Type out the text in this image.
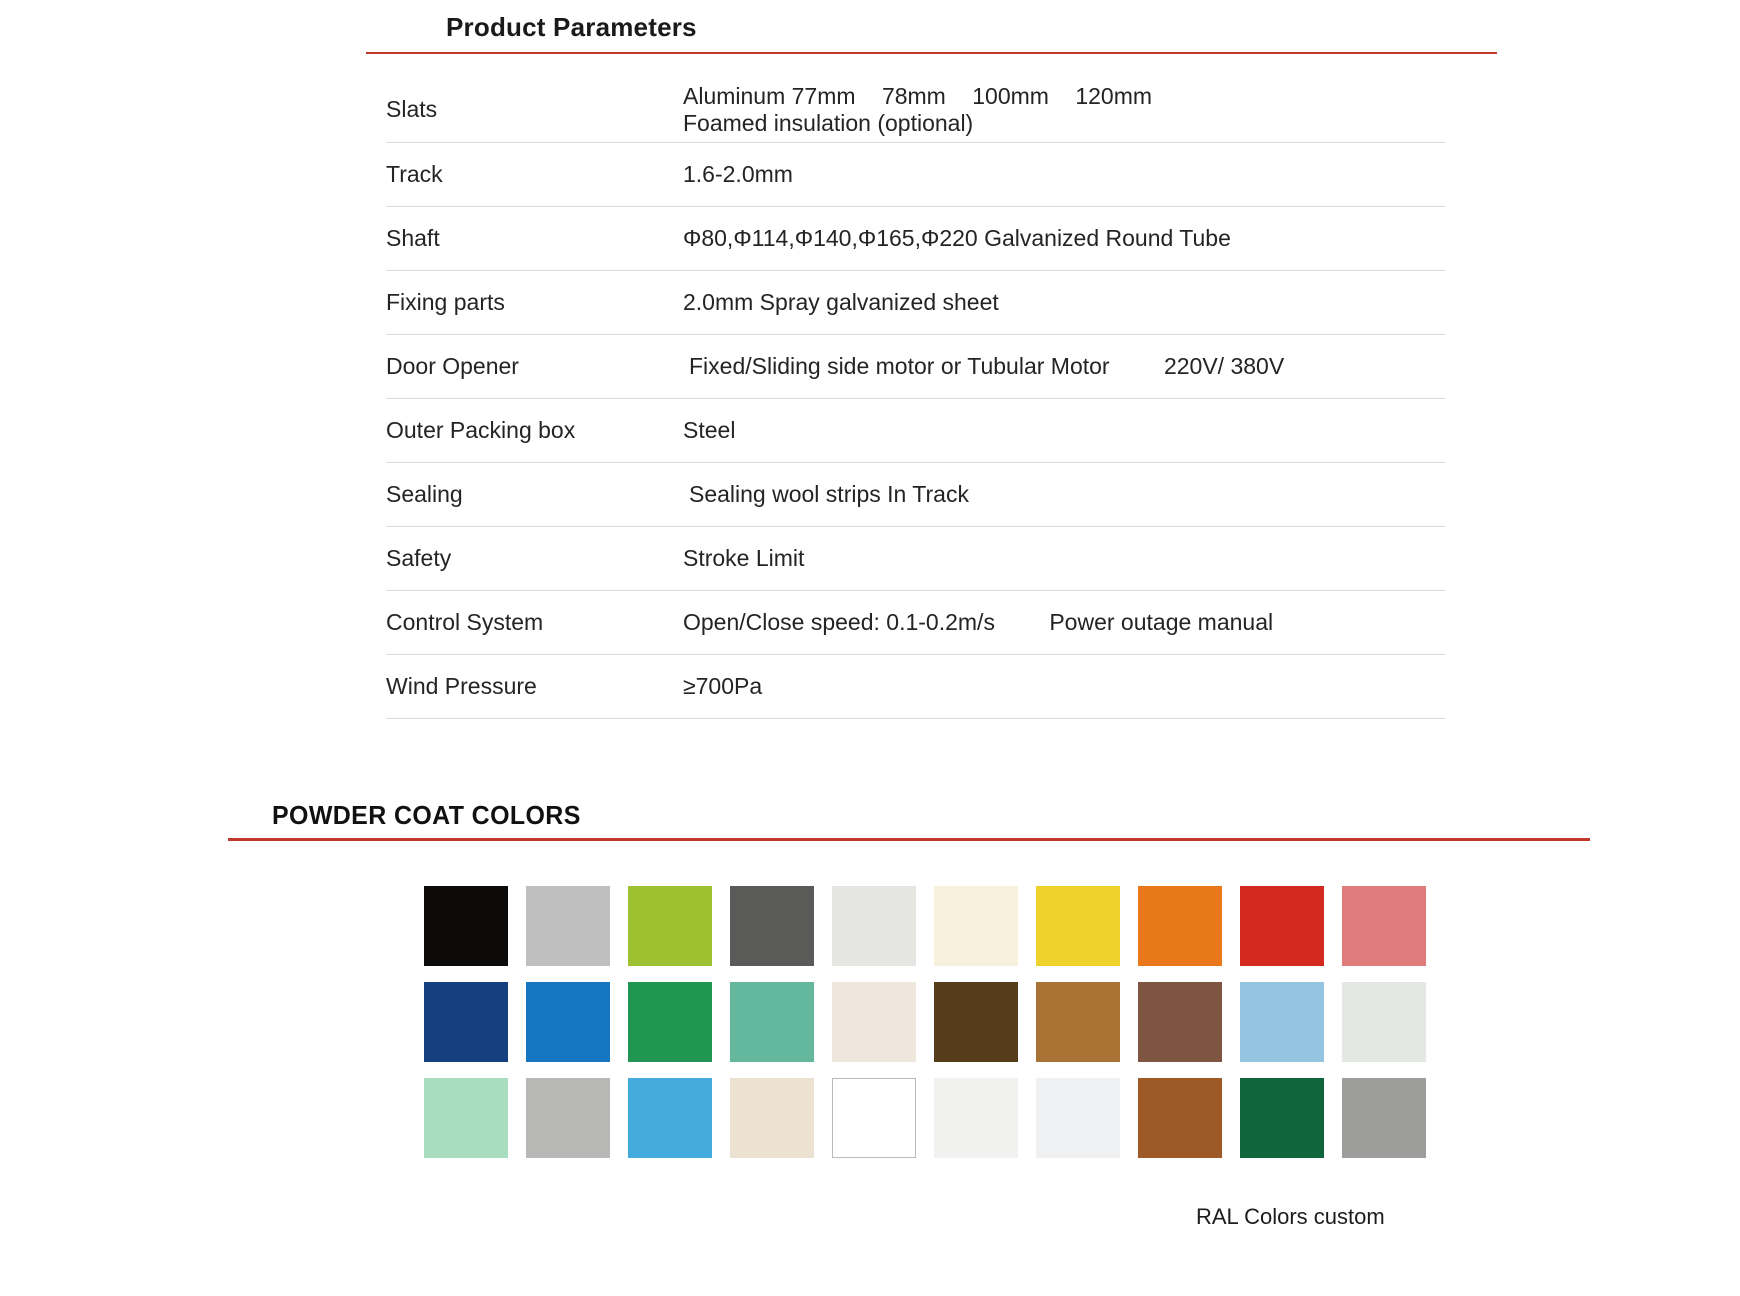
Product Parameters
Slats	Aluminum 77mm 78mm 100mm 120mm Foamed insulation (optional)
Track	1.6-2.0mm
Shaft	Φ80,Φ114,Φ140,Φ165,Φ220 Galvanized Round Tube
Fixing parts	2.0mm Spray galvanized sheet
Door Opener	Fixed/Sliding side motor or Tubular Motor 220V/ 380V
Outer Packing box	Steel
Sealing	Sealing wool strips In Track
Safety	Stroke Limit
Control System	Open/Close speed: 0.1-0.2m/s Power outage manual
Wind Pressure	≥700Pa
POWDER COAT COLORS
RAL Colors custom
